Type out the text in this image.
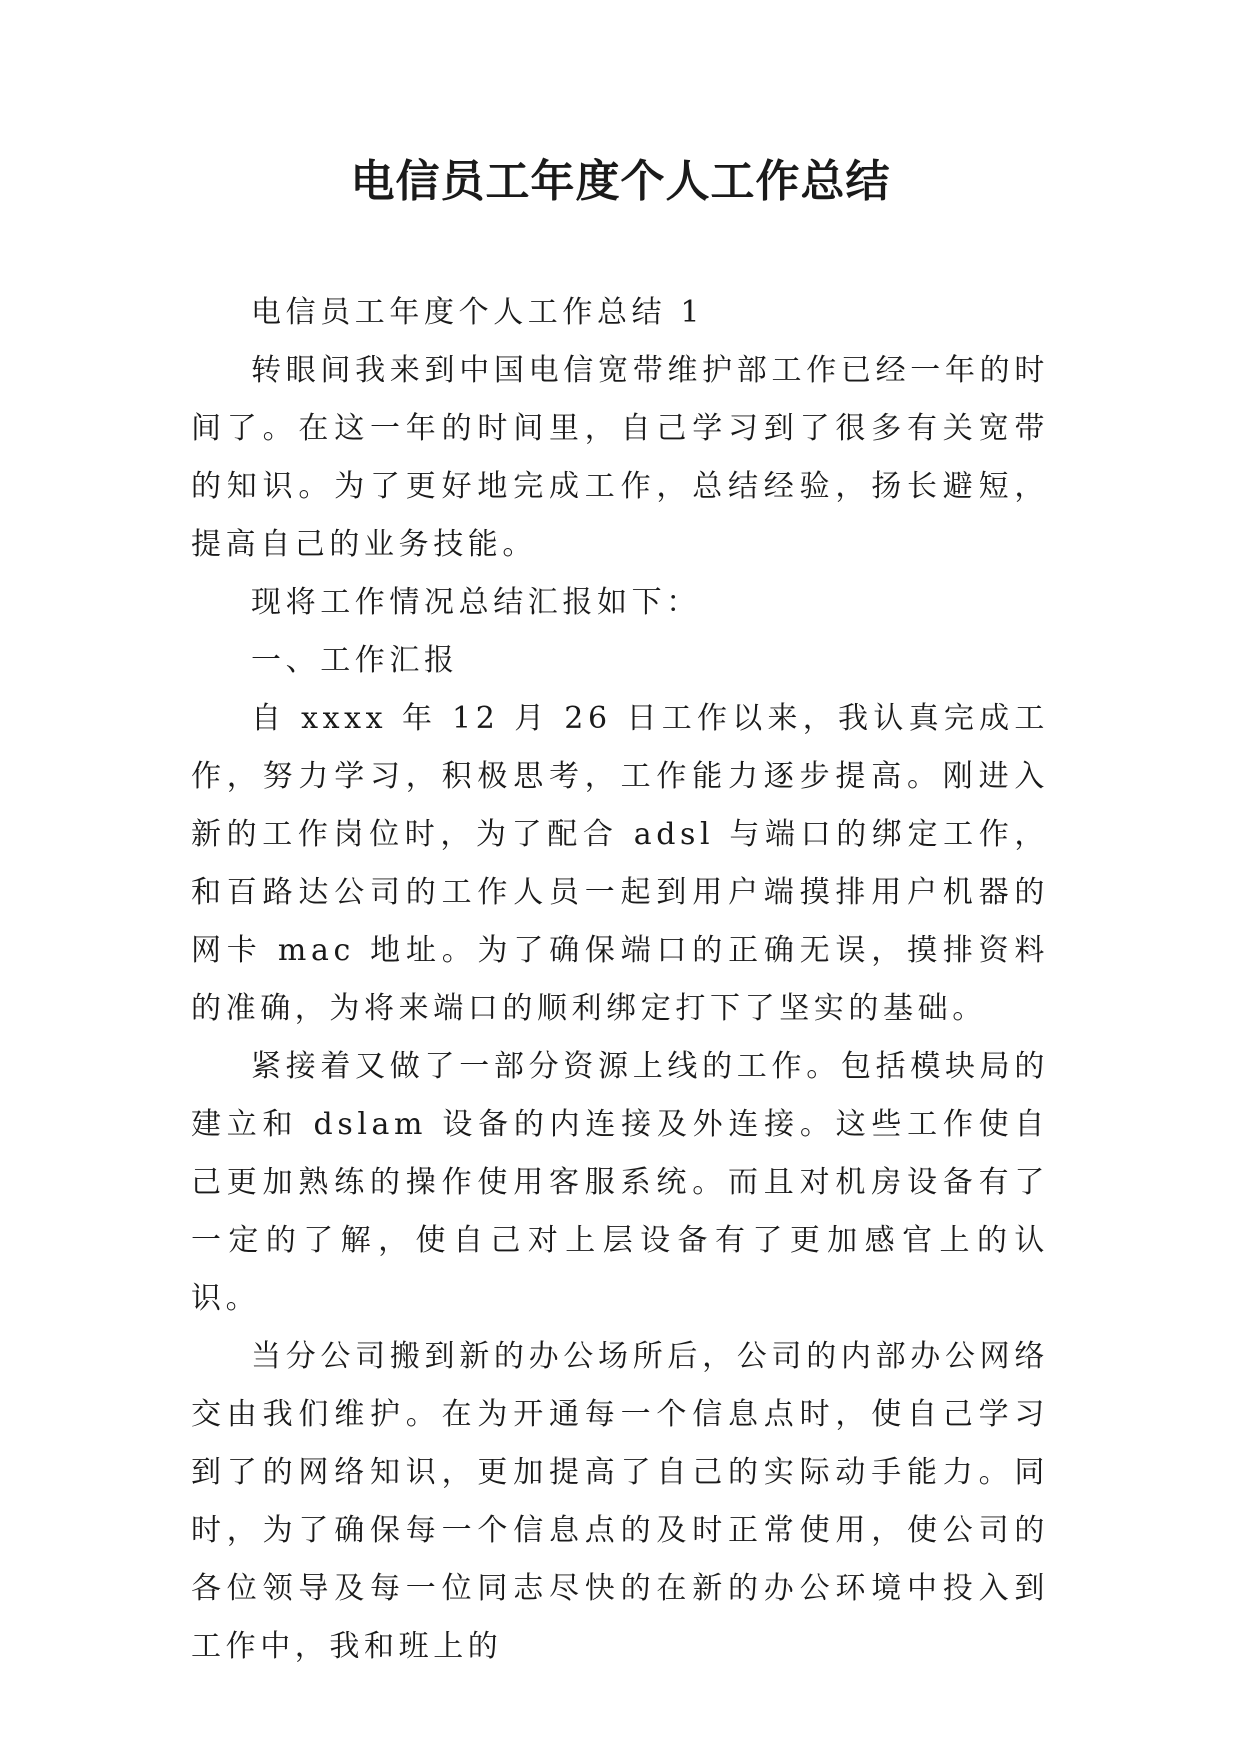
电信员工年度个人工作总结

电信员工年度个人工作总结 1

转眼间我来到中国电信宽带维护部工作已经一年的时间了。在这一年的时间里，自己学习到了很多有关宽带的知识。为了更好地完成工作，总结经验，扬长避短，提高自己的业务技能。

现将工作情况总结汇报如下：

一、工作汇报

自 xxxx 年 12 月 26 日工作以来，我认真完成工作，努力学习，积极思考，工作能力逐步提高。刚进入新的工作岗位时，为了配合 adsl 与端口的绑定工作，和百路达公司的工作人员一起到用户端摸排用户机器的网卡 mac 地址。为了确保端口的正确无误，摸排资料的准确，为将来端口的顺利绑定打下了坚实的基础。

紧接着又做了一部分资源上线的工作。包括模块局的建立和 dslam 设备的内连接及外连接。这些工作使自己更加熟练的操作使用客服系统。而且对机房设备有了一定的了解，使自己对上层设备有了更加感官上的认识。

当分公司搬到新的办公场所后，公司的内部办公网络交由我们维护。在为开通每一个信息点时，使自己学习到了的网络知识，更加提高了自己的实际动手能力。同时，为了确保每一个信息点的及时正常使用，使公司的各位领导及每一位同志尽快的在新的办公环境中投入到工作中，我和班上的
